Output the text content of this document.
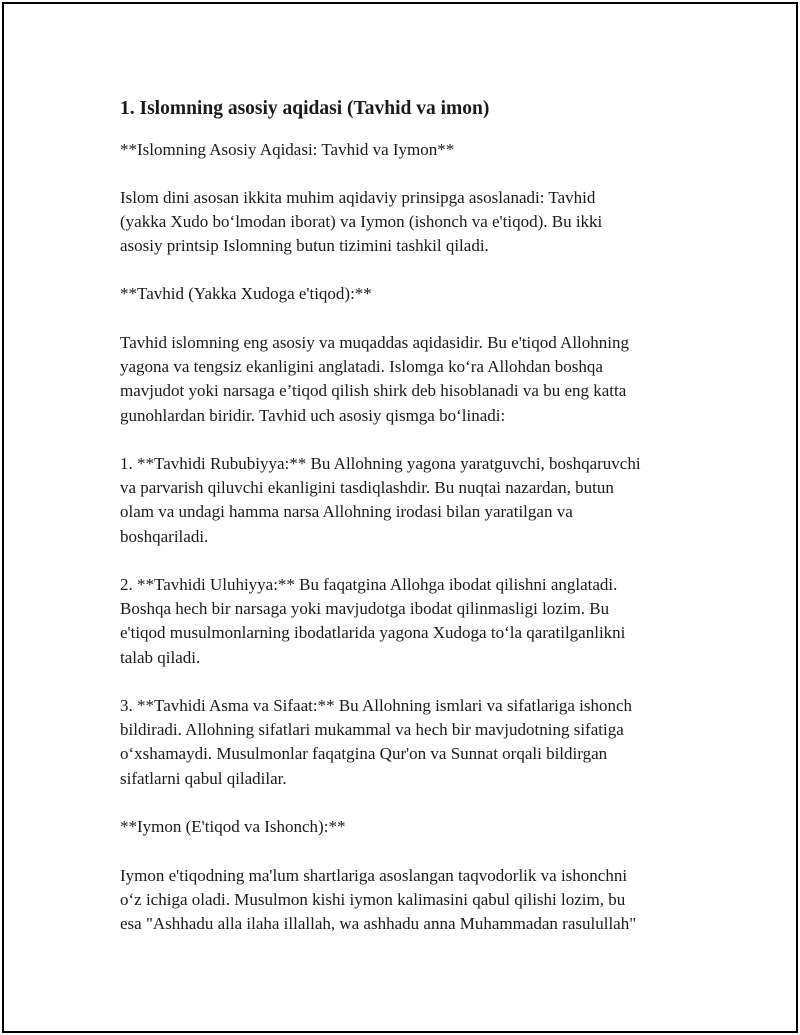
1. Islomning asosiy aqidasi (Tavhid va imon)
**Islomning Asosiy Aqidasi: Tavhid va Iymon**
Islom dini asosan ikkita muhim aqidaviy prinsipga asoslanadi: Tavhid
(yakka Xudo bo‘lmodan iborat) va Iymon (ishonch va e'tiqod). Bu ikki
asosiy printsip Islomning butun tizimini tashkil qiladi.
**Tavhid (Yakka Xudoga e'tiqod):**
Tavhid islomning eng asosiy va muqaddas aqidasidir. Bu e'tiqod Allohning
yagona va tengsiz ekanligini anglatadi. Islomga ko‘ra Allohdan boshqa
mavjudot yoki narsaga e’tiqod qilish shirk deb hisoblanadi va bu eng katta
gunohlardan biridir. Tavhid uch asosiy qismga bo‘linadi:
1. **Tavhidi Rububiyya:** Bu Allohning yagona yaratguvchi, boshqaruvchi
va parvarish qiluvchi ekanligini tasdiqlashdir. Bu nuqtai nazardan, butun
olam va undagi hamma narsa Allohning irodasi bilan yaratilgan va
boshqariladi.
2. **Tavhidi Uluhiyya:** Bu faqatgina Allohga ibodat qilishni anglatadi.
Boshqa hech bir narsaga yoki mavjudotga ibodat qilinmasligi lozim. Bu
e'tiqod musulmonlarning ibodatlarida yagona Xudoga to‘la qaratilganlikni
talab qiladi.
3. **Tavhidi Asma va Sifaat:** Bu Allohning ismlari va sifatlariga ishonch
bildiradi. Allohning sifatlari mukammal va hech bir mavjudotning sifatiga
o‘xshamaydi. Musulmonlar faqatgina Qur'on va Sunnat orqali bildirgan
sifatlarni qabul qiladilar.
**Iymon (E'tiqod va Ishonch):**
Iymon e'tiqodning ma'lum shartlariga asoslangan taqvodorlik va ishonchni
o‘z ichiga oladi. Musulmon kishi iymon kalimasini qabul qilishi lozim, bu
esa "Ashhadu alla ilaha illallah, wa ashhadu anna Muhammadan rasulullah"
